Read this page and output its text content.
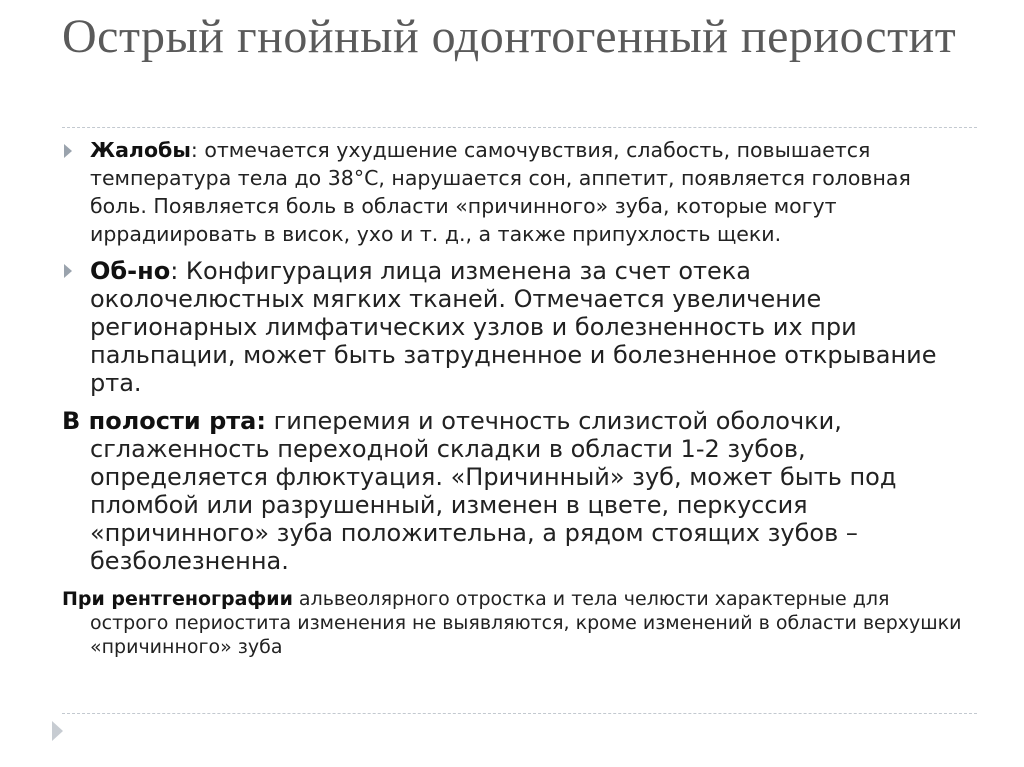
Острый гнойный одонтогенный периостит

Жалобы: отмечается ухудшение самочувствия, слабость, повышается температура тела до 38°С, нарушается сон, аппетит, появляется головная боль. Появляется боль в области «причинного» зуба, которые могут иррадиировать в висок, ухо и т. д., а также припухлость щеки.

Об-но: Конфигурация лица изменена за счет отека околочелюстных мягких тканей. Отмечается увеличение регионарных лимфатических узлов и болезненность их при пальпации, может быть затрудненное и болезненное открывание рта.

В полости рта: гиперемия и отечность слизистой оболочки, сглаженность переходной складки в области 1-2 зубов, определяется флюктуация. «Причинный» зуб, может быть под пломбой или разрушенный, изменен в цвете, перкуссия «причинного» зуба положительна, а рядом стоящих зубов – безболезненна.

При рентгенографии альвеолярного отростка и тела челюсти характерные для острого периостита изменения не выявляются, кроме изменений в области верхушки «причинного» зуба
